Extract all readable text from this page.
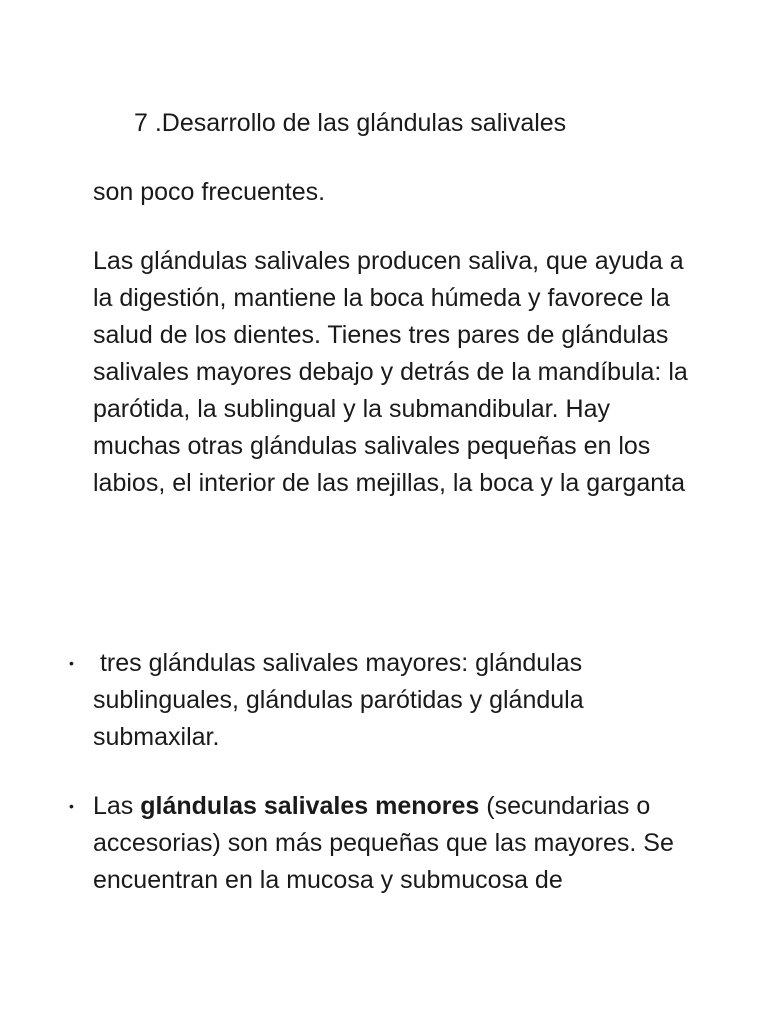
7 .Desarrollo de las glándulas salivales

son poco frecuentes.

Las glándulas salivales producen saliva, que ayuda a la digestión, mantiene la boca húmeda y favorece la salud de los dientes. Tienes tres pares de glándulas salivales mayores debajo y detrás de la mandíbula: la parótida, la sublingual y la submandibular. Hay muchas otras glándulas salivales pequeñas en los labios, el interior de las mejillas, la boca y la garganta

• tres glándulas salivales mayores: glándulas sublinguales, glándulas parótidas y glándula submaxilar.
• Las glándulas salivales menores (secundarias o accesorias) son más pequeñas que las mayores. Se encuentran en la mucosa y submucosa de
